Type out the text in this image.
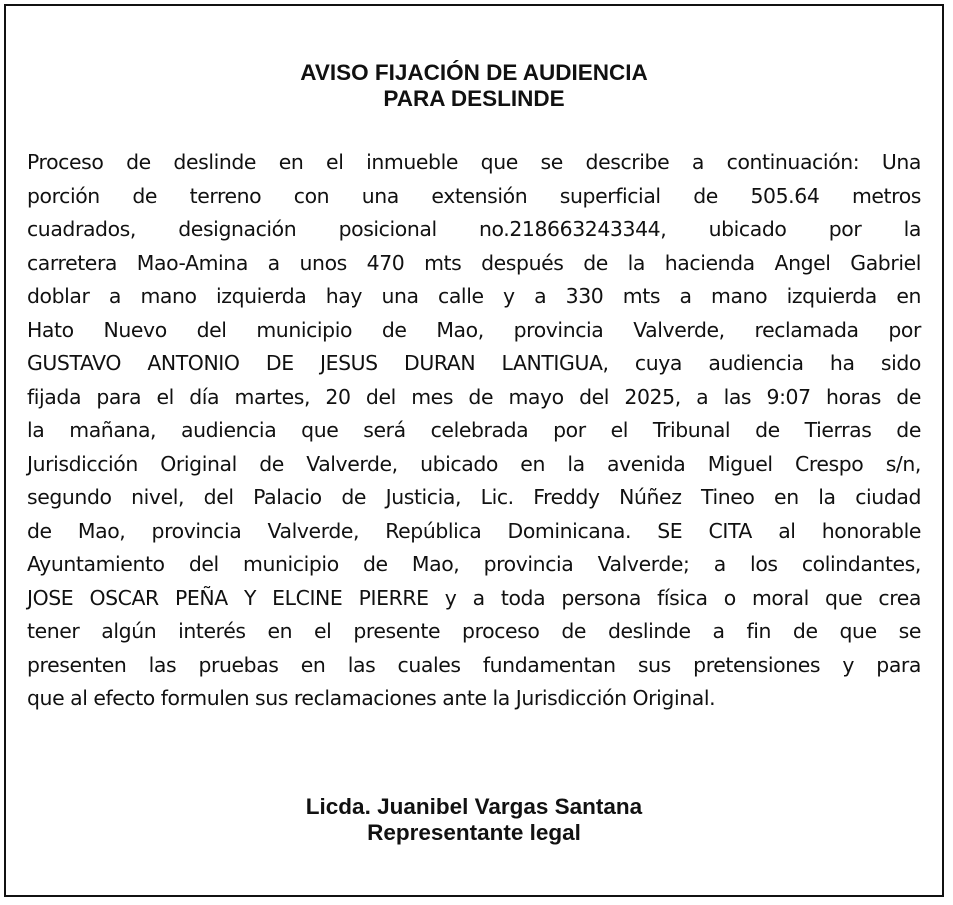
AVISO FIJACIÓN DE AUDIENCIA
PARA DESLINDE
Proceso de deslinde en el inmueble que se describe a continuación: Una
porción de terreno con una extensión superficial de 505.64 metros
cuadrados, designación posicional no.218663243344, ubicado por la
carretera Mao-Amina a unos 470 mts después de la hacienda Angel Gabriel
doblar a mano izquierda hay una calle y a 330 mts a mano izquierda en
Hato Nuevo del municipio de Mao, provincia Valverde, reclamada por
GUSTAVO ANTONIO DE JESUS DURAN LANTIGUA, cuya audiencia ha sido
fijada para el día martes, 20 del mes de mayo del 2025, a las 9:07 horas de
la mañana, audiencia que será celebrada por el Tribunal de Tierras de
Jurisdicción Original de Valverde, ubicado en la avenida Miguel Crespo s/n,
segundo nivel, del Palacio de Justicia, Lic. Freddy Núñez Tineo en la ciudad
de Mao, provincia Valverde, República Dominicana. SE CITA al honorable
Ayuntamiento del municipio de Mao, provincia Valverde; a los colindantes,
JOSE OSCAR PEÑA Y ELCINE PIERRE y a toda persona física o moral que crea
tener algún interés en el presente proceso de deslinde a fin de que se
presenten las pruebas en las cuales fundamentan sus pretensiones y para
que al efecto formulen sus reclamaciones ante la Jurisdicción Original.
Licda. Juanibel Vargas Santana
Representante legal
